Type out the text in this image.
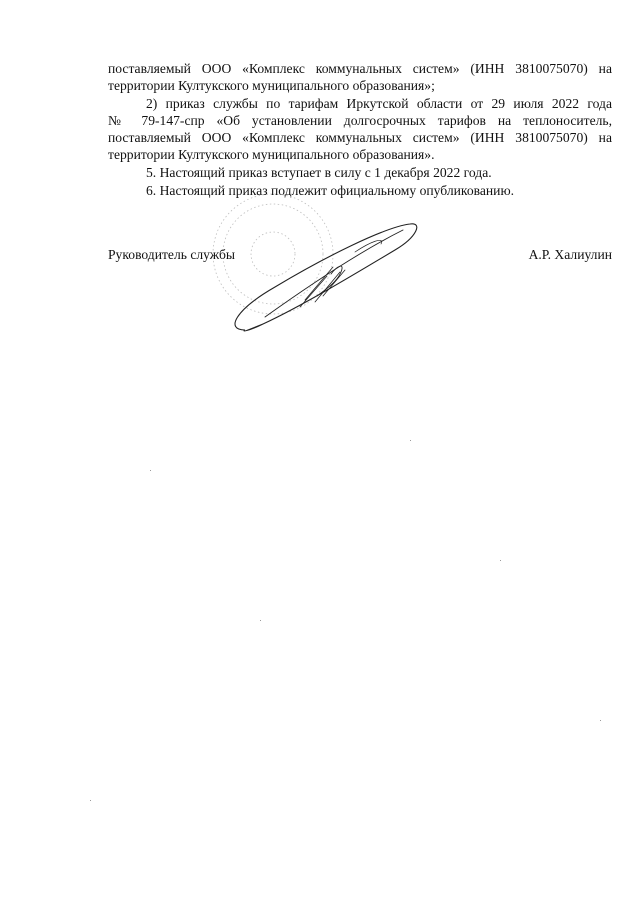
поставляемый ООО «Комплекс коммунальных систем» (ИНН 3810075070) на
территории Култукского муниципального образования»;
2) приказ службы по тарифам Иркутской области от 29 июля 2022 года
№ 79-147-спр «Об установлении долгосрочных тарифов на теплоноситель,
поставляемый ООО «Комплекс коммунальных систем» (ИНН 3810075070) на
территории Култукского муниципального образования».
5. Настоящий приказ вступает в силу с 1 декабря 2022 года.
6. Настоящий приказ подлежит официальному опубликованию.
Руководитель службы	А.Р. Халиулин
